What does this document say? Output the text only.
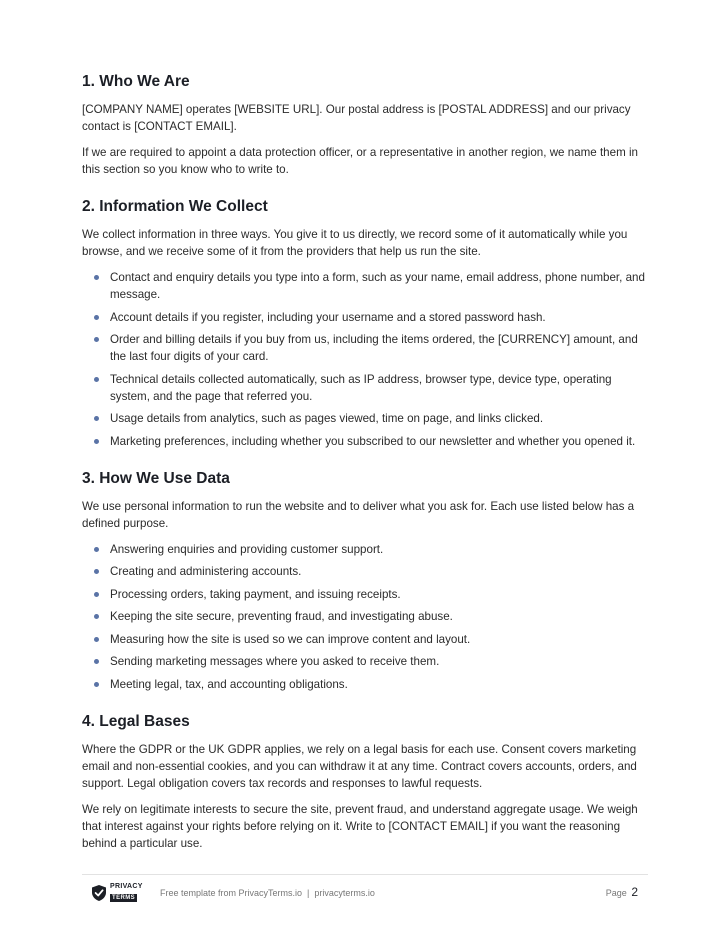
1. Who We Are

[COMPANY NAME] operates [WEBSITE URL]. Our postal address is [POSTAL ADDRESS] and our privacy contact is [CONTACT EMAIL].

If we are required to appoint a data protection officer, or a representative in another region, we name them in this section so you know who to write to.

2. Information We Collect

We collect information in three ways. You give it to us directly, we record some of it automatically while you browse, and we receive some of it from the providers that help us run the site.

Contact and enquiry details you type into a form, such as your name, email address, phone number, and message.
Account details if you register, including your username and a stored password hash.
Order and billing details if you buy from us, including the items ordered, the [CURRENCY] amount, and the last four digits of your card.
Technical details collected automatically, such as IP address, browser type, device type, operating system, and the page that referred you.
Usage details from analytics, such as pages viewed, time on page, and links clicked.
Marketing preferences, including whether you subscribed to our newsletter and whether you opened it.
3. How We Use Data

We use personal information to run the website and to deliver what you ask for. Each use listed below has a defined purpose.

Answering enquiries and providing customer support.
Creating and administering accounts.
Processing orders, taking payment, and issuing receipts.
Keeping the site secure, preventing fraud, and investigating abuse.
Measuring how the site is used so we can improve content and layout.
Sending marketing messages where you asked to receive them.
Meeting legal, tax, and accounting obligations.
4. Legal Bases

Where the GDPR or the UK GDPR applies, we rely on a legal basis for each use. Consent covers marketing email and non-essential cookies, and you can withdraw it at any time. Contract covers accounts, orders, and support. Legal obligation covers tax records and responses to lawful requests.

We rely on legitimate interests to secure the site, prevent fraud, and understand aggregate usage. We weigh that interest against your rights before relying on it. Write to [CONTACT EMAIL] if you want the reasoning behind a particular use.

PRIVACY
TERMS	Free template from PrivacyTerms.io | privacyterms.io	Page 2
